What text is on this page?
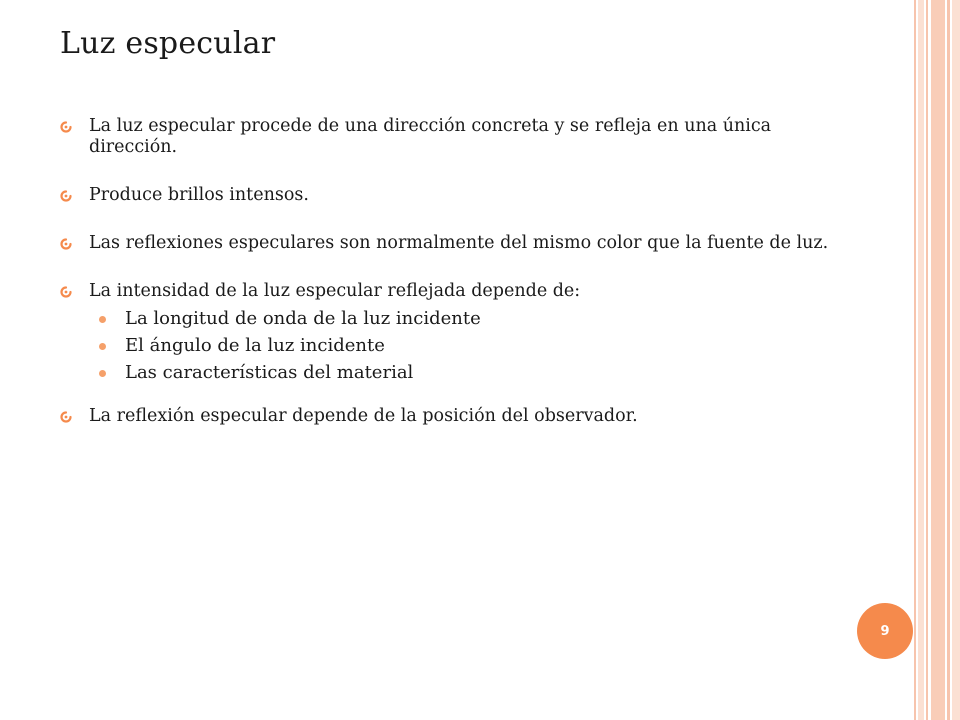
Luz especular
La luz especular procede de una dirección concreta y se refleja en una única dirección.
Produce brillos intensos.
Las reflexiones especulares son normalmente del mismo color que la fuente de luz.
La intensidad de la luz especular reflejada depende de:
La longitud de onda de la luz incidente
El ángulo de la luz incidente
Las características del material
La reflexión especular depende de la posición del observador.
9
